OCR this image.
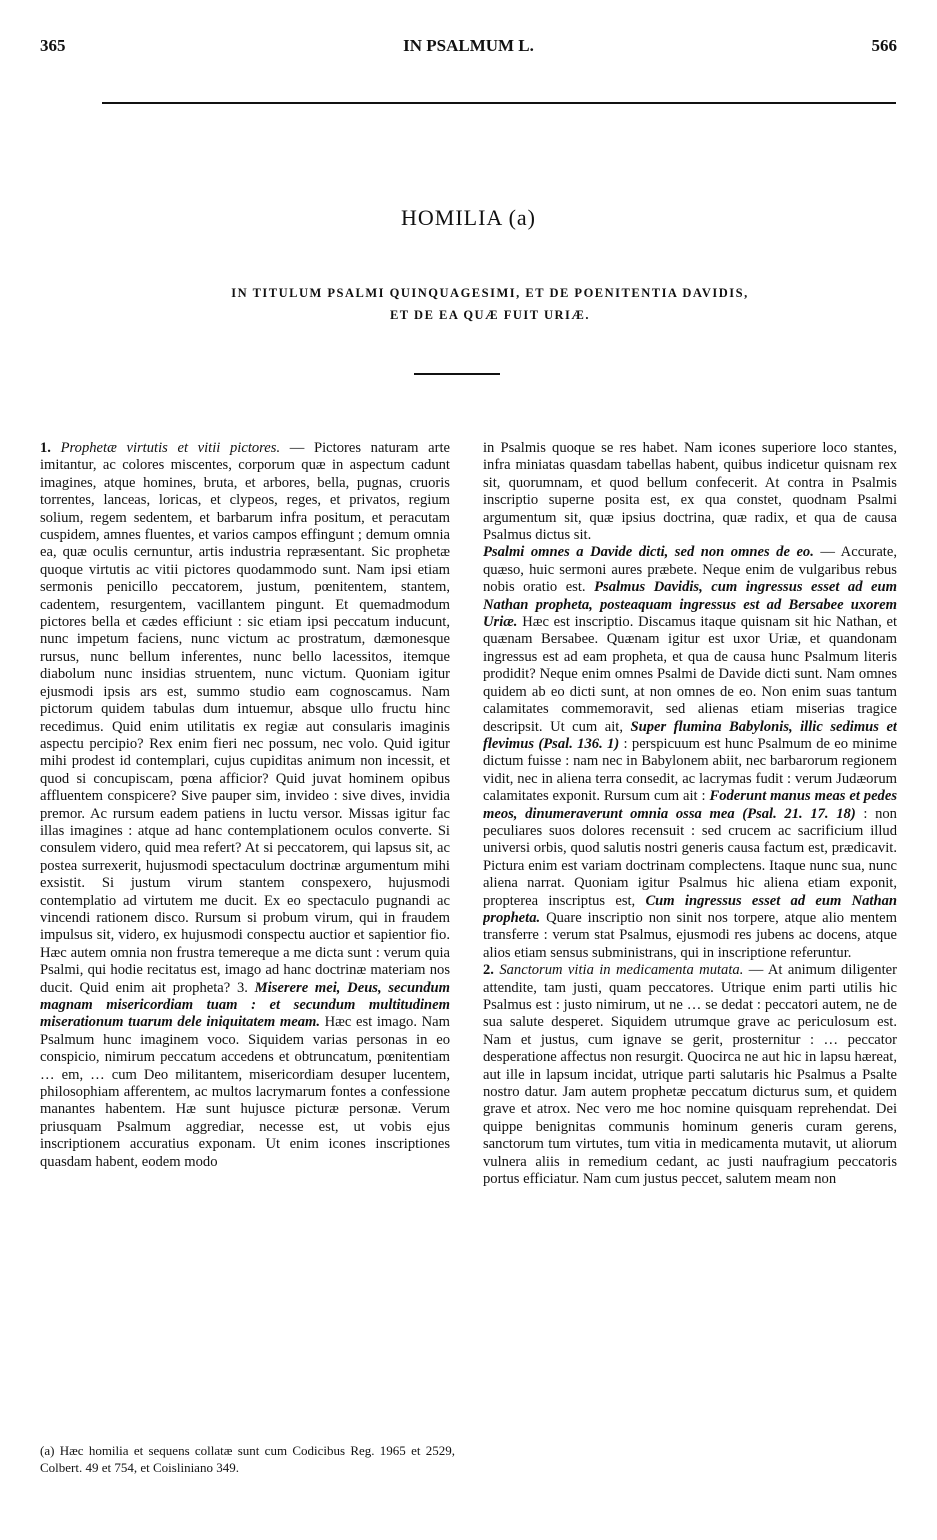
365	IN PSALMUM L.	566
HOMILIA (a)
IN TITULUM PSALMI QUINQUAGESIMI, ET DE POENITENTIA DAVIDIS,
ET DE EA QUÆ FUIT URIÆ.

1. Prophetæ virtutis et vitii pictores. — Pictores naturam arte imitantur, ac colores miscentes, corporum quæ in aspectum cadunt imagines, atque homines, bruta, et arbores, bella, pugnas, cruoris torrentes, lanceas, loricas, et clypeos, reges, et privatos, regium solium, regem sedentem, et barbarum infra positum, et peracutam cuspidem, amnes fluentes, et varios campos effingunt ; demum omnia ea, quæ oculis cernuntur, artis industria repræsentant. Sic prophetæ quoque virtutis ac vitii pictores quodammodo sunt. Nam ipsi etiam sermonis penicillo peccatorem, justum, pœnitentem, stantem, cadentem, resurgentem, vacillantem pingunt. Et quemadmodum pictores bella et cædes efficiunt : sic etiam ipsi peccatum inducunt, nunc impetum faciens, nunc victum ac prostratum, dæmonesque rursus, nunc bellum inferentes, nunc bello lacessitos, itemque diabolum nunc insidias struentem, nunc victum. Quoniam igitur ejusmodi ipsis ars est, summo studio eam cognoscamus. Nam pictorum quidem tabulas dum intuemur, absque ullo fructu hinc recedimus. Quid enim utilitatis ex regiæ aut consularis imaginis aspectu percipio? Rex enim fieri nec possum, nec volo. Quid igitur mihi prodest id contemplari, cujus cupiditas animum non incessit, et quod si concupiscam, pœna afficior? Quid juvat hominem opibus affluentem conspicere? Sive pauper sim, invideo : sive dives, invidia premor. Ac rursum eadem patiens in luctu versor. Missas igitur fac illas imagines : atque ad hanc contemplationem oculos converte. Si consulem videro, quid mea refert? At si peccatorem, qui lapsus sit, ac postea surrexerit, hujusmodi spectaculum doctrinæ argumentum mihi exsistit. Si justum virum stantem conspexero, hujusmodi contemplatio ad virtutem me ducit. Ex eo spectaculo pugnandi ac vincendi rationem disco. Rursum si probum virum, qui in fraudem impulsus sit, videro, ex hujusmodi conspectu auctior et sapientior fio. Hæc autem omnia non frustra temereque a me dicta sunt : verum quia Psalmi, qui hodie recitatus est, imago ad hanc doctrinæ materiam nos ducit. Quid enim ait propheta? 3. Miserere mei, Deus, secundum magnam misericordiam tuam : et secundum multitudinem miserationum tuarum dele iniquitatem meam. Hæc est imago. Nam Psalmum hunc imaginem voco. Siquidem varias personas in eo conspicio, nimirum peccatum accedens et obtruncatum, pœnitentiam … em, … cum Deo militantem, misericordiam desuper lucentem, philosophiam afferentem, ac multos lacrymarum fontes a confessione manantes habentem. Hæ sunt hujusce picturæ personæ. Verum priusquam Psalmum aggrediar, necesse est, ut vobis ejus inscriptionem accuratius exponam. Ut enim icones inscriptiones quasdam habent, eodem modo

in Psalmis quoque se res habet. Nam icones superiore loco stantes, infra miniatas quasdam tabellas habent, quibus indicetur quisnam rex sit, quorumnam, et quod bellum confecerit. At contra in Psalmis inscriptio superne posita est, ex qua constet, quodnam Psalmi argumentum sit, quæ ipsius doctrina, quæ radix, et qua de causa Psalmus dictus sit.

Psalmi omnes a Davide dicti, sed non omnes de eo. — Accurate, quæso, huic sermoni aures præbete. Neque enim de vulgaribus rebus nobis oratio est. Psalmus Davidis, cum ingressus esset ad eum Nathan propheta, posteaquam ingressus est ad Bersabee uxorem Uriæ. Hæc est inscriptio. Discamus itaque quisnam sit hic Nathan, et quænam Bersabee. Quænam igitur est uxor Uriæ, et quandonam ingressus est ad eam propheta, et qua de causa hunc Psalmum literis prodidit? Neque enim omnes Psalmi de Davide dicti sunt. Nam omnes quidem ab eo dicti sunt, at non omnes de eo. Non enim suas tantum calamitates commemoravit, sed alienas etiam miserias tragice descripsit. Ut cum ait, Super flumina Babylonis, illic sedimus et flevimus (Psal. 136. 1) : perspicuum est hunc Psalmum de eo minime dictum fuisse : nam nec in Babylonem abiit, nec barbarorum regionem vidit, nec in aliena terra consedit, ac lacrymas fudit : verum Judæorum calamitates exponit. Rursum cum ait : Foderunt manus meas et pedes meos, dinumeraverunt omnia ossa mea (Psal. 21. 17. 18) : non peculiares suos dolores recensuit : sed crucem ac sacrificium illud universi orbis, quod salutis nostri generis causa factum est, prædicavit. Pictura enim est variam doctrinam complectens. Itaque nunc sua, nunc aliena narrat. Quoniam igitur Psalmus hic aliena etiam exponit, propterea inscriptus est, Cum ingressus esset ad eum Nathan propheta. Quare inscriptio non sinit nos torpere, atque alio mentem transferre : verum stat Psalmus, ejusmodi res jubens ac docens, atque alios etiam sensus subministrans, qui in inscriptione referuntur.

2. Sanctorum vitia in medicamenta mutata. — At animum diligenter attendite, tam justi, quam peccatores. Utrique enim parti utilis hic Psalmus est : justo nimirum, ut ne … se dedat : peccatori autem, ne de sua salute desperet. Siquidem utrumque grave ac periculosum est. Nam et justus, cum ignave se gerit, prosternitur : … peccator desperatione affectus non resurgit. Quocirca ne aut hic in lapsu hæreat, aut ille in lapsum incidat, utrique parti salutaris hic Psalmus a Psalte nostro datur. Jam autem prophetæ peccatum dicturus sum, et quidem grave et atrox. Nec vero me hoc nomine quisquam reprehendat. Dei quippe benignitas communis hominum generis curam gerens, sanctorum tum virtutes, tum vitia in medicamenta mutavit, ut aliorum vulnera aliis in remedium cedant, ac justi naufragium peccatoris portus efficiatur. Nam cum justus peccet, salutem meam non

(a) Hæc homilia et sequens collatæ sunt cum Codicibus Reg. 1965 et 2529, Colbert. 49 et 754, et Coisliniano 349.
